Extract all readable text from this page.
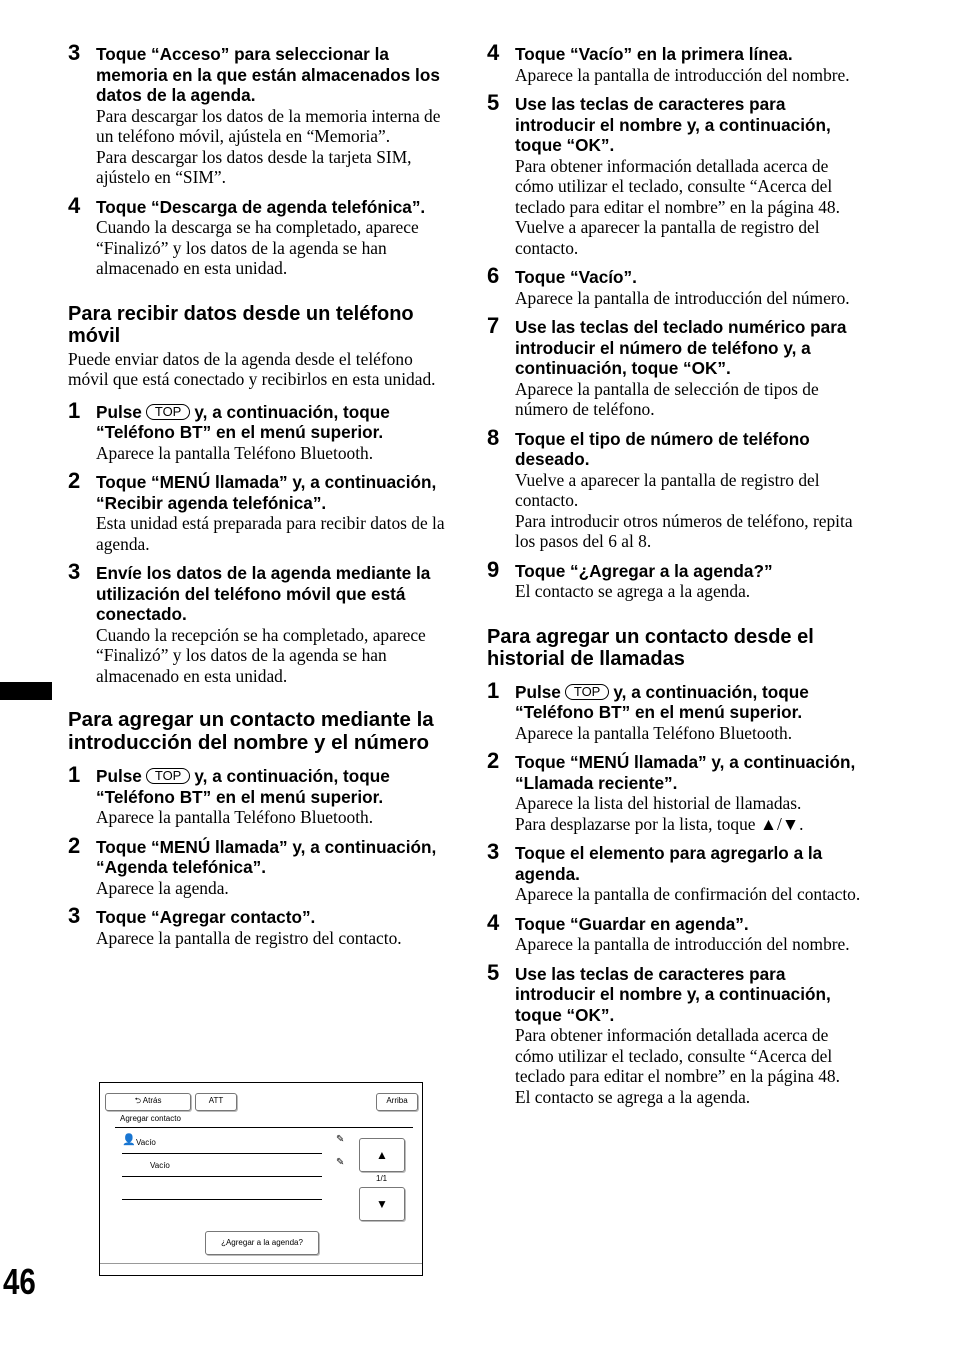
3 Toque “Acceso” para seleccionar la memoria en la que están almacenados los datos de la agenda.
Para descargar los datos de la memoria interna de un teléfono móvil, ajústela en “Memoria”.
Para descargar los datos desde la tarjeta SIM, ajústelo en “SIM”.
4 Toque “Descarga de agenda telefónica”.
Cuando la descarga se ha completado, aparece “Finalizó” y los datos de la agenda se han almacenado en esta unidad.
Para recibir datos desde un teléfono móvil
Puede enviar datos de la agenda desde el teléfono móvil que está conectado y recibirlos en esta unidad.
1 Pulse TOP y, a continuación, toque “Teléfono BT” en el menú superior.
Aparece la pantalla Teléfono Bluetooth.
2 Toque “MENÚ llamada” y, a continuación, “Recibir agenda telefónica”.
Esta unidad está preparada para recibir datos de la agenda.
3 Envíe los datos de la agenda mediante la utilización del teléfono móvil que está conectado.
Cuando la recepción se ha completado, aparece “Finalizó” y los datos de la agenda se han almacenado en esta unidad.
Para agregar un contacto mediante la introducción del nombre y el número
1 Pulse TOP y, a continuación, toque “Teléfono BT” en el menú superior.
Aparece la pantalla Teléfono Bluetooth.
2 Toque “MENÚ llamada” y, a continuación, “Agenda telefónica”.
Aparece la agenda.
3 Toque “Agregar contacto”.
Aparece la pantalla de registro del contacto.
⮌ Atrás	ATT	Arriba
Agregar contacto
👤 Vacío	✎
Vacío	✎
▲
1/1
▼
¿Agregar a la agenda?
4 Toque “Vacío” en la primera línea.
Aparece la pantalla de introducción del nombre.
5 Use las teclas de caracteres para introducir el nombre y, a continuación, toque “OK”.
Para obtener información detallada acerca de cómo utilizar el teclado, consulte “Acerca del teclado para editar el nombre” en la página 48.
Vuelve a aparecer la pantalla de registro del contacto.
6 Toque “Vacío”.
Aparece la pantalla de introducción del número.
7 Use las teclas del teclado numérico para introducir el número de teléfono y, a continuación, toque “OK”.
Aparece la pantalla de selección de tipos de número de teléfono.
8 Toque el tipo de número de teléfono deseado.
Vuelve a aparecer la pantalla de registro del contacto.
Para introducir otros números de teléfono, repita los pasos del 6 al 8.
9 Toque “¿Agregar a la agenda?”
El contacto se agrega a la agenda.
Para agregar un contacto desde el historial de llamadas
1 Pulse TOP y, a continuación, toque “Teléfono BT” en el menú superior.
Aparece la pantalla Teléfono Bluetooth.
2 Toque “MENÚ llamada” y, a continuación, “Llamada reciente”.
Aparece la lista del historial de llamadas.
Para desplazarse por la lista, toque ▲/▼.
3 Toque el elemento para agregarlo a la agenda.
Aparece la pantalla de confirmación del contacto.
4 Toque “Guardar en agenda”.
Aparece la pantalla de introducción del nombre.
5 Use las teclas de caracteres para introducir el nombre y, a continuación, toque “OK”.
Para obtener información detallada acerca de cómo utilizar el teclado, consulte “Acerca del teclado para editar el nombre” en la página 48.
El contacto se agrega a la agenda.
46
